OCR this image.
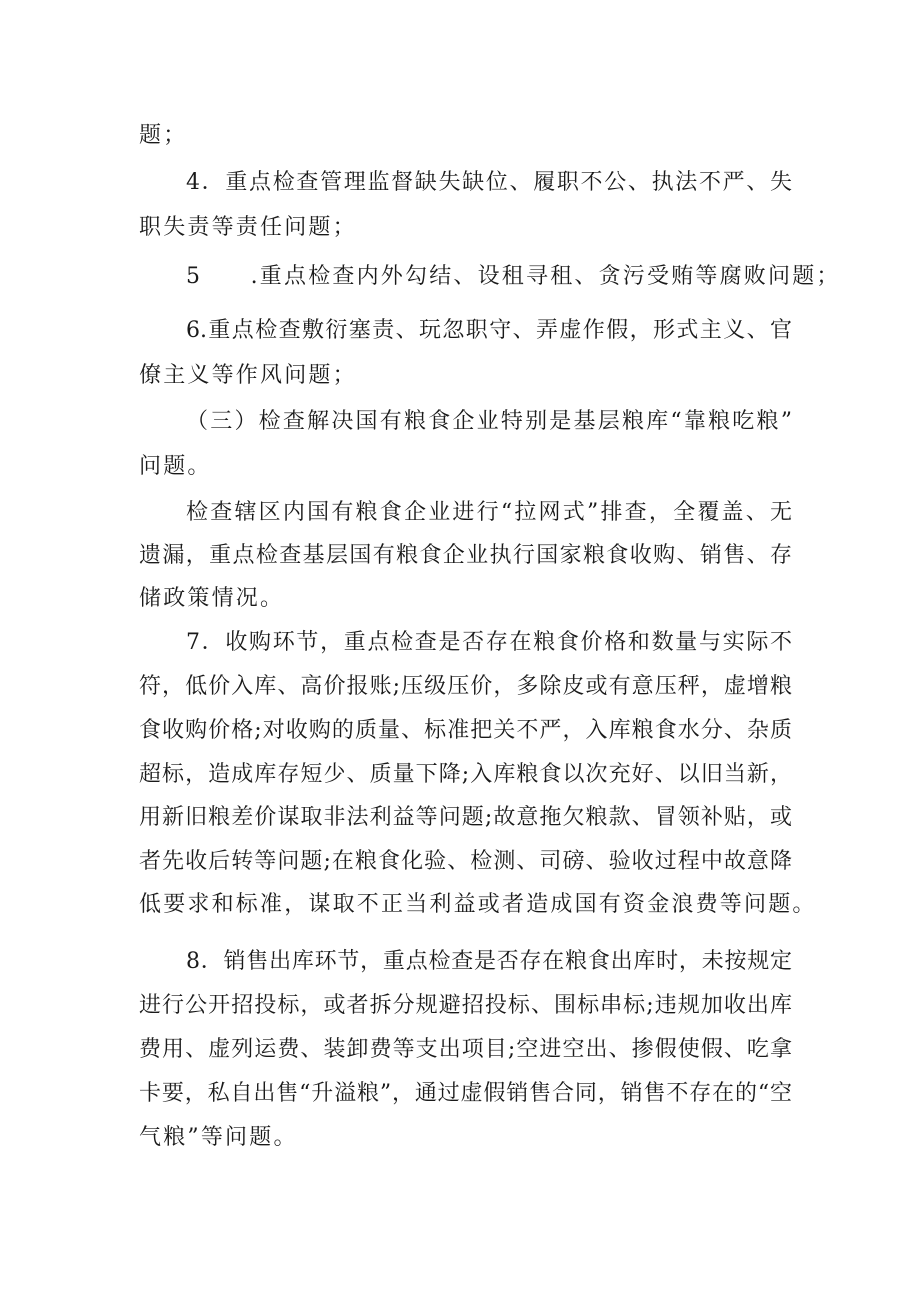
题；
4．重点检查管理监督缺失缺位、履职不公、执法不严、失
职失责等责任问题；
5　　.重点检查内外勾结、设租寻租、贪污受贿等腐败问题；
6.重点检查敷衍塞责、玩忽职守、弄虚作假，形式主义、官
僚主义等作风问题；
（三）检查解决国有粮食企业特别是基层粮库“靠粮吃粮”
问题。
检查辖区内国有粮食企业进行“拉网式”排查，全覆盖、无
遗漏，重点检查基层国有粮食企业执行国家粮食收购、销售、存
储政策情况。
7．收购环节，重点检查是否存在粮食价格和数量与实际不
符，低价入库、高价报账;压级压价，多除皮或有意压秤，虚增粮
食收购价格;对收购的质量、标准把关不严，入库粮食水分、杂质
超标，造成库存短少、质量下降;入库粮食以次充好、以旧当新，
用新旧粮差价谋取非法利益等问题;故意拖欠粮款、冒领补贴，或
者先收后转等问题;在粮食化验、检测、司磅、验收过程中故意降
低要求和标准，谋取不正当利益或者造成国有资金浪费等问题。
8．销售出库环节，重点检查是否存在粮食出库时，未按规定
进行公开招投标，或者拆分规避招投标、围标串标;违规加收出库
费用、虚列运费、装卸费等支出项目;空进空出、掺假使假、吃拿
卡要，私自出售“升溢粮”，通过虚假销售合同，销售不存在的“空
气粮”等问题。
